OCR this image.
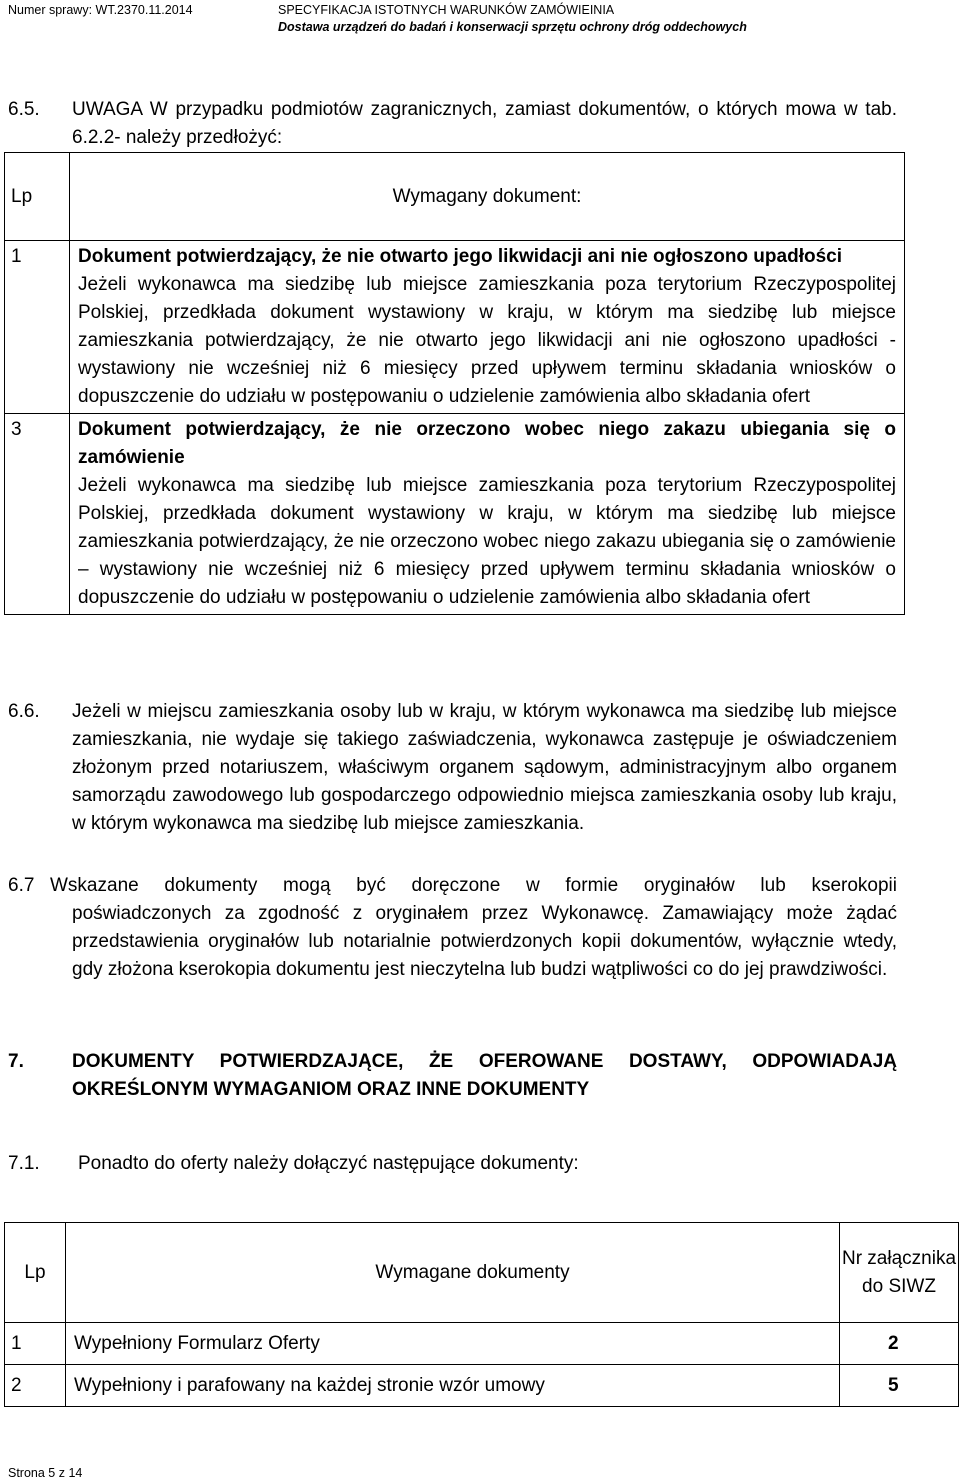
Numer sprawy: WT.2370.11.2014	SPECYFIKACJA ISTOTNYCH WARUNKÓW ZAMÓWIEINIA
Dostawa urządzeń do badań i konserwacji sprzętu ochrony dróg oddechowych
6.5. UWAGA W przypadku podmiotów zagranicznych, zamiast dokumentów, o których mowa w tab. 6.2.2- należy przedłożyć:
Lp	Wymagany dokument:
1	Dokument potwierdzający, że nie otwarto jego likwidacji ani nie ogłoszono upadłości
Jeżeli wykonawca ma siedzibę lub miejsce zamieszkania poza terytorium Rzeczypospolitej Polskiej, przedkłada dokument wystawiony w kraju, w którym ma siedzibę lub miejsce zamieszkania potwierdzający, że nie otwarto jego likwidacji ani nie ogłoszono upadłości - wystawiony nie wcześniej niż 6 miesięcy przed upływem terminu składania wniosków o dopuszczenie do udziału w postępowaniu o udzielenie zamówienia albo składania ofert

3	Dokument potwierdzający, że nie orzeczono wobec niego zakazu ubiegania się o zamówienie
Jeżeli wykonawca ma siedzibę lub miejsce zamieszkania poza terytorium Rzeczypospolitej Polskiej, przedkłada dokument wystawiony w kraju, w którym ma siedzibę lub miejsce zamieszkania potwierdzający, że nie orzeczono wobec niego zakazu ubiegania się o zamówienie – wystawiony nie wcześniej niż 6 miesięcy przed upływem terminu składania wniosków o dopuszczenie do udziału w postępowaniu o udzielenie zamówienia albo składania ofert
6.6. Jeżeli w miejscu zamieszkania osoby lub w kraju, w którym wykonawca ma siedzibę lub miejsce zamieszkania, nie wydaje się takiego zaświadczenia, wykonawca zastępuje je oświadczeniem złożonym przed notariuszem, właściwym organem sądowym, administracyjnym albo organem samorządu zawodowego lub gospodarczego odpowiednio miejsca zamieszkania osoby lub kraju, w którym wykonawca ma siedzibę lub miejsce zamieszkania.
6.7 Wskazane dokumenty mogą być doręczone w formie oryginałów lub kserokopii
poświadczonych za zgodność z oryginałem przez Wykonawcę. Zamawiający może żądać przedstawienia oryginałów lub notarialnie potwierdzonych kopii dokumentów, wyłącznie wtedy, gdy złożona kserokopia dokumentu jest nieczytelna lub budzi wątpliwości co do jej prawdziwości.
7.	DOKUMENTY POTWIERDZAJĄCE, ŻE OFEROWANE DOSTAWY, ODPOWIADAJĄ OKREŚLONYM WYMAGANIOM ORAZ INNE DOKUMENTY
7.1. Ponadto do oferty należy dołączyć następujące dokumenty:
Lp	Wymagane dokumenty	Nr załącznika do SIWZ
1	Wypełniony Formularz Oferty	2
2	Wypełniony i parafowany na każdej stronie wzór umowy	5
Strona 5 z 14
